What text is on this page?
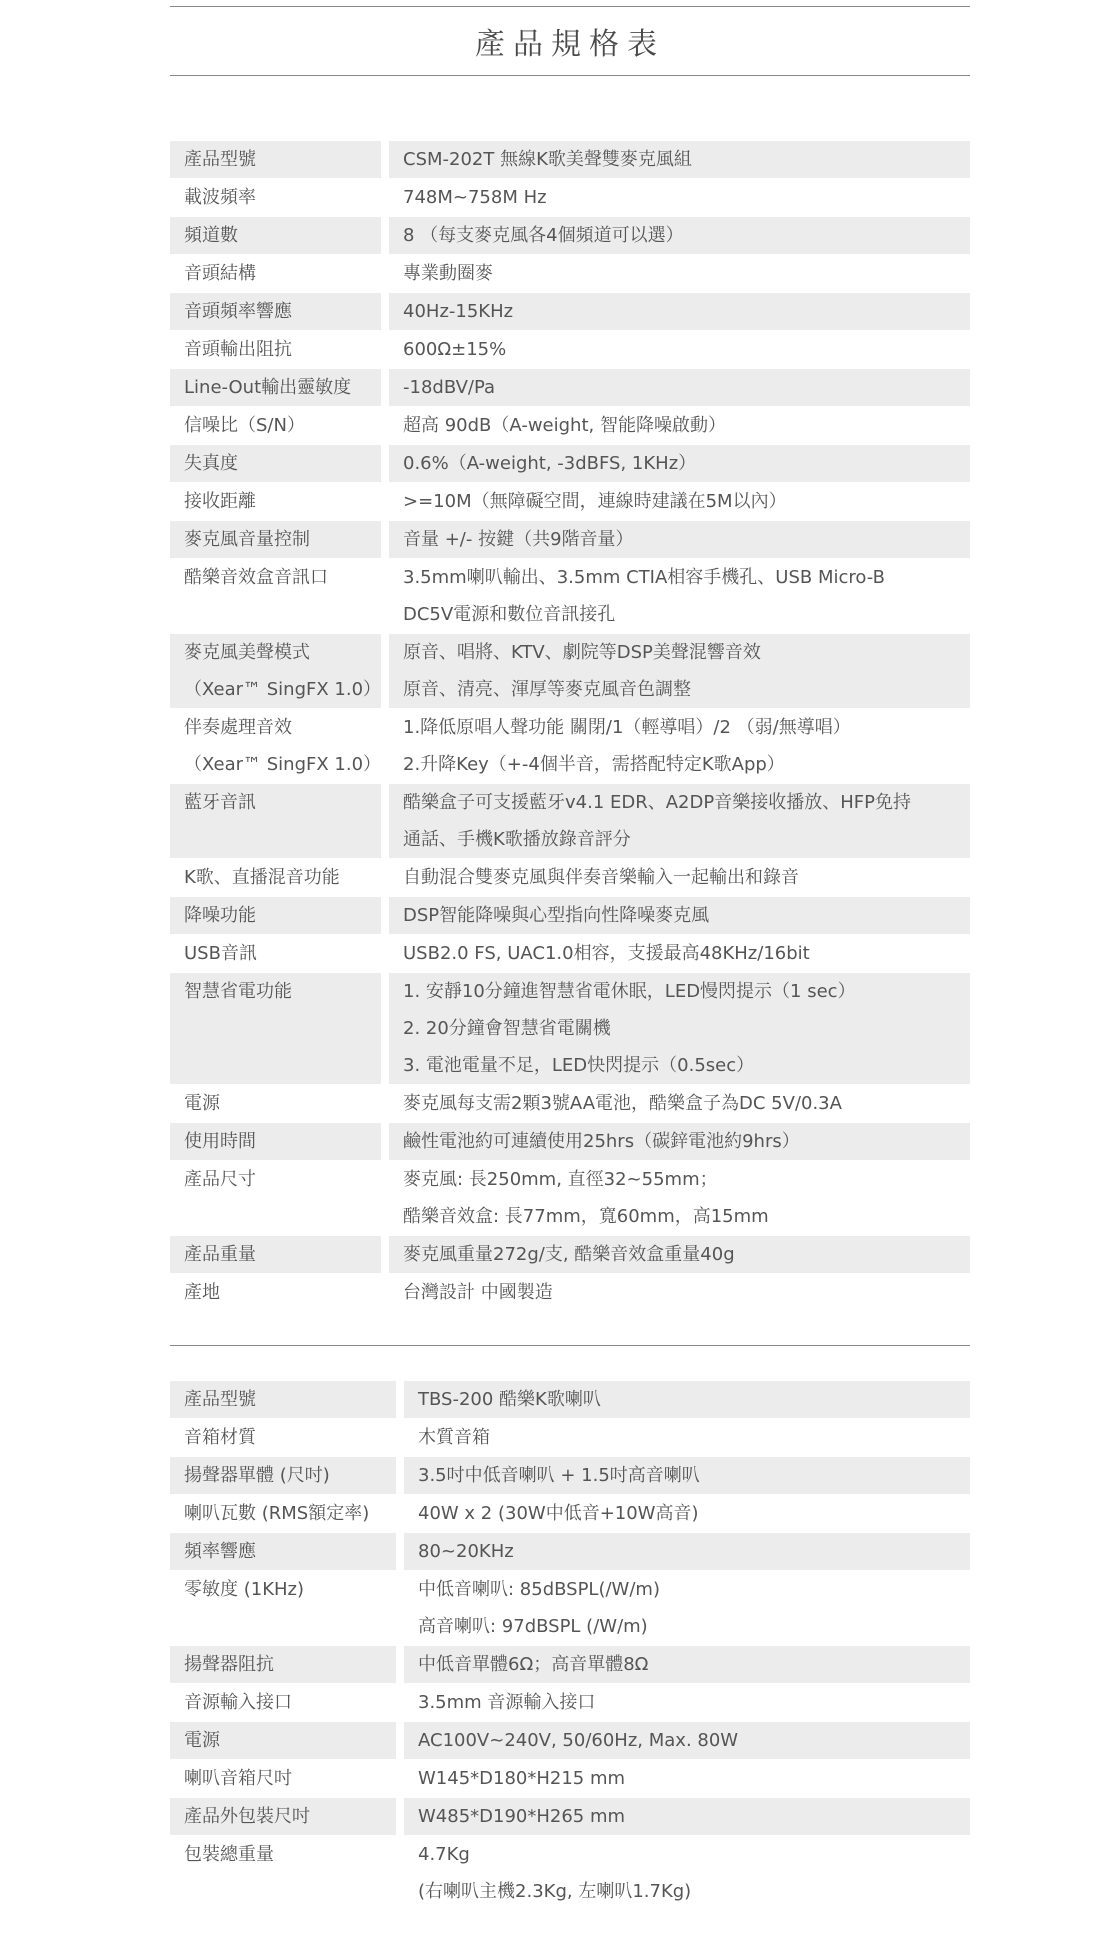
產品規格表
產品型號		CSM-202T 無線K歌美聲雙麥克風組

載波頻率		748M~758M Hz

頻道數		8 （每支麥克風各4個頻道可以選）

音頭結構		專業動圈麥

音頭頻率響應		40Hz-15KHz

音頭輸出阻抗		600Ω±15%

Line-Out輸出靈敏度		-18dBV/Pa

信噪比（S/N）		超高 90dB（A-weight, 智能降噪啟動）

失真度		0.6%（A-weight, -3dBFS, 1KHz）

接收距離		>=10M（無障礙空間，連線時建議在5M以內）

麥克風音量控制		音量 +/- 按鍵（共9階音量）

酷樂音效盒音訊口		3.5mm喇叭輸出、3.5mm CTIA相容手機孔、USB Micro-B
DC5V電源和數位音訊接孔

麥克風美聲模式
（Xear™ SingFX 1.0）		原音、唱將、KTV、劇院等DSP美聲混響音效
原音、清亮、渾厚等麥克風音色調整

伴奏處理音效
（Xear™ SingFX 1.0）		1.降低原唱人聲功能 關閉/1（輕導唱）/2 （弱/無導唱）
2.升降Key（+-4個半音，需搭配特定K歌App）

藍牙音訊		酷樂盒子可支援藍牙v4.1 EDR、A2DP音樂接收播放、HFP免持
通話、手機K歌播放錄音評分

K歌、直播混音功能		自動混合雙麥克風與伴奏音樂輸入一起輸出和錄音

降噪功能		DSP智能降噪與心型指向性降噪麥克風

USB音訊		USB2.0 FS, UAC1.0相容，支援最高48KHz/16bit

智慧省電功能		1. 安靜10分鐘進智慧省電休眠，LED慢閃提示（1 sec）
2. 20分鐘會智慧省電關機
3. 電池電量不足，LED快閃提示（0.5sec）

電源		麥克風每支需2顆3號AA電池，酷樂盒子為DC 5V/0.3A

使用時間		鹼性電池約可連續使用25hrs（碳鋅電池約9hrs）

產品尺寸		麥克風: 長250mm, 直徑32~55mm；
酷樂音效盒: 長77mm，寬60mm，高15mm

產品重量		麥克風重量272g/支, 酷樂音效盒重量40g

產地		台灣設計 中國製造
產品型號		TBS-200 酷樂K歌喇叭

音箱材質		木質音箱

揚聲器單體 (尺吋)		3.5吋中低音喇叭 + 1.5吋高音喇叭

喇叭瓦數 (RMS額定率)		40W x 2 (30W中低音+10W高音)

頻率響應		80~20KHz

零敏度 (1KHz)		中低音喇叭: 85dBSPL(/W/m)
高音喇叭: 97dBSPL (/W/m)

揚聲器阻抗		中低音單體6Ω；高音單體8Ω

音源輸入接口		3.5mm 音源輸入接口

電源		AC100V~240V, 50/60Hz, Max. 80W

喇叭音箱尺吋		W145*D180*H215 mm

產品外包裝尺吋		W485*D190*H265 mm

包裝總重量		4.7Kg
(右喇叭主機2.3Kg, 左喇叭1.7Kg)
